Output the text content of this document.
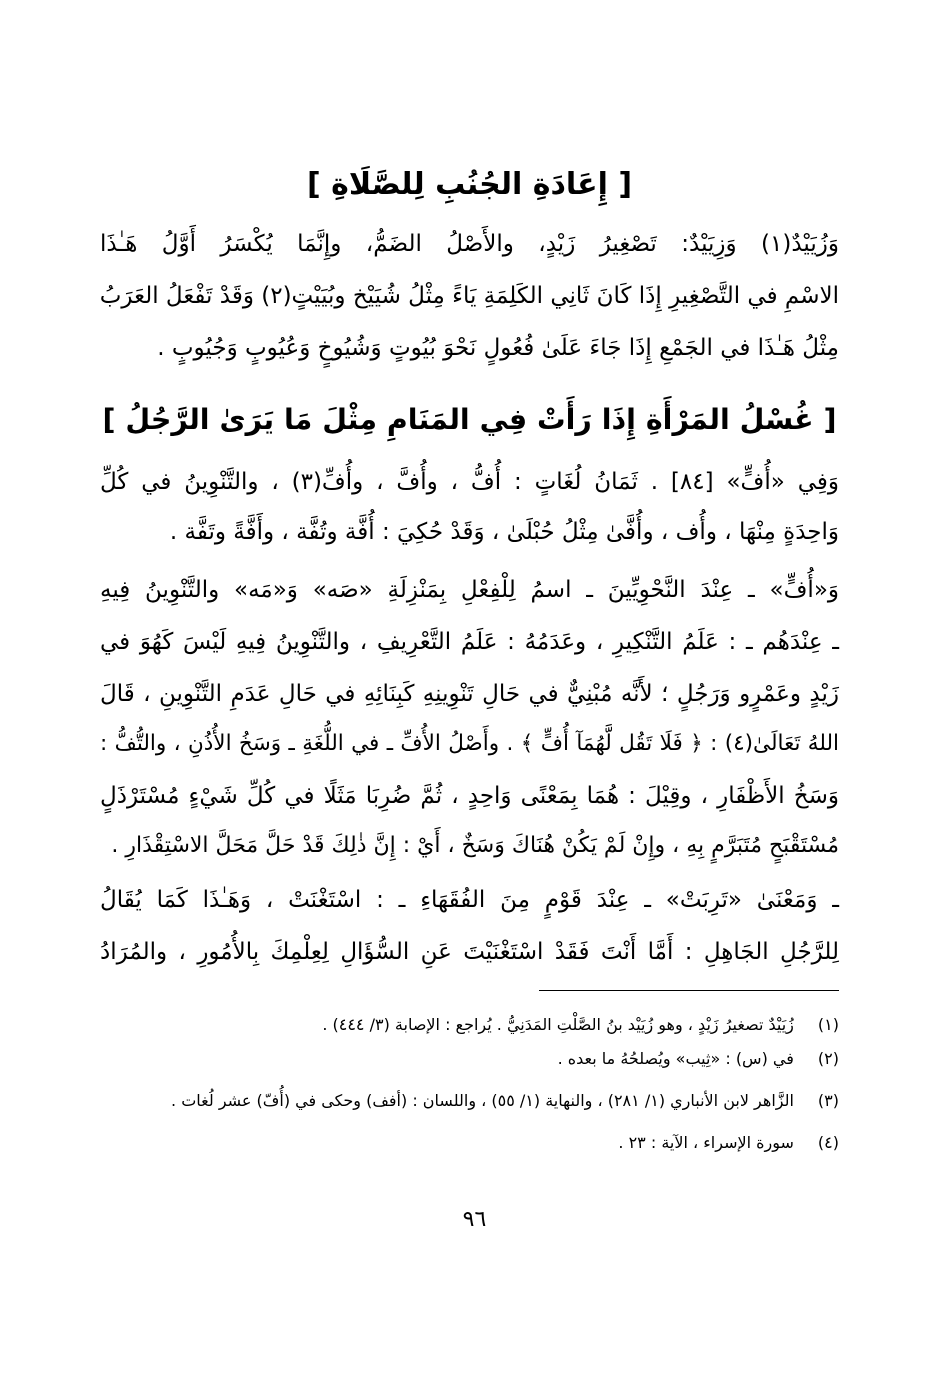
[ إِعَادَةِ الجُنُبِ لِلصَّلَاةِ ]
وَزُيَيْدٌ(١) وَزِيَيْدٌ: تَصْغِيرُ زَيْدٍ، والأَصْلُ الضَمُّ، وإِنَّمَا يُكْسَرُ أَوَّلُ هَـٰذَا
الاسْمِ في التَّصْغِيرِ إِذَا كَانَ ثَانِي الكَلِمَةِ يَاءً مِثْلُ شُيَيْخ وبُيَيْتٍ(٢) وَقَدْ تَفْعَلُ العَرَبُ
مِثْلُ هَـٰذَا في الجَمْعِ إِذَا جَاءَ عَلَىٰ فُعُولٍ نَحْوَ بُيُوتٍ وَشُيُوخٍ وَعُيُوبٍ وَجُيُوبٍ .
[ غُسْلُ المَرْأَةِ إِذَا رَأَتْ فِي المَنَامِ مِثْلَ مَا يَرَىٰ الرَّجُلُ ]
وَفِي «أُفٍّ» [٨٤] . ثَمَانُ لُغَاتٍ : أُفُّ ، وأُفَّ ، وأُفِّ(٣) ، والتَّنْوِينُ في كُلِّ
وَاحِدَةٍ مِنْهَا ، وأُف ، وأُفَّىٰ مِثْلُ حُبْلَىٰ ، وَقَدْ حُكِيَ : أُفَّة وتُفَّة ، وأَفَّةً وتَفَّة .
وَ«أُفٍّ» ـ عِنْدَ النَّحْوِيِّينَ ـ اسمُ لِلْفِعْلِ بِمَنْزِلَةِ «صَه» وَ«مَه» والتَّنْوِينُ فِيهِ
ـ عِنْدَهُم ـ : عَلَمُ التَّنْكِيرِ ، وعَدَمُهُ : عَلَمُ التَّعْرِيفِ ، والتَّنْوِينُ فِيهِ لَيْسَ كَهُوَ في
زَيْدٍ وعَمْرٍو وَرَجُلٍ ؛ لأَنَّه مُبْنِيٌّ في حَالِ تَنْوِينِهِ كَبِنَائِهِ في حَالِ عَدَمِ التَّنْوِينِ ، قَالَ
اللهُ تَعَالَىٰ(٤) : ﴿ فَلَا تَقُل لَّهُمَآ أُفٍّ ﴾ . وأَصْلُ الأُفِّ ـ في اللُّغَةِ ـ وَسَخُ الأُذُنِ ، والتُّفُّ :
وَسَخُ الأَظْفَارِ ، وقِيْلَ : هُمَا بِمَعْنًى وَاحِدٍ ، ثُمَّ ضُرِبَا مَثَلًا في كُلِّ شَيْءٍ مُسْتَرْذَلٍ
مُسْتَقْبَحٍ مُتَبَرَّمٍ بِهِ ، وإِنْ لَمْ يَكُنْ هُنَاكَ وَسَخٌ ، أَيْ : إِنَّ ذٰلِكَ قَدْ حَلَّ مَحَلَّ الاسْتِقْذَارِ .
ـ وَمَعْنَىٰ «تَرِبَتْ» ـ عِنْدَ قَوْمٍ مِنَ الفُقَهَاءِ ـ : اسْتَغْنَتْ ، وَهَـٰذَا كَمَا يُقَالُ
لِلرَّجُلِ الجَاهِلِ : أَمَّا أَنْتَ فَقَدْ اسْتَغْنَيْتَ عَنِ السُّؤَالِ لِعِلْمِكَ بِالأُمُورِ ، والمُرَادُ
(١) زُيَيْدٌ تصغيرُ زَيْدٍ ، وهو زُيَيْد بنُ الصَّلْتِ المَدَنِيُّ . يُراجع : الإصابة (٣/ ٤٤٤) .
(٢) في (س) : «ثِيب» ويُصلحُهُ ما بعده .
(٣) الزَّاهر لابن الأنباري (١/ ٢٨١) ، والنهاية (١/ ٥٥) ، واللسان : (أفف) وحكى في (أُفّ) عشر لُغات .
(٤) سورة الإسراء ، الآية : ٢٣ .
٩٦
